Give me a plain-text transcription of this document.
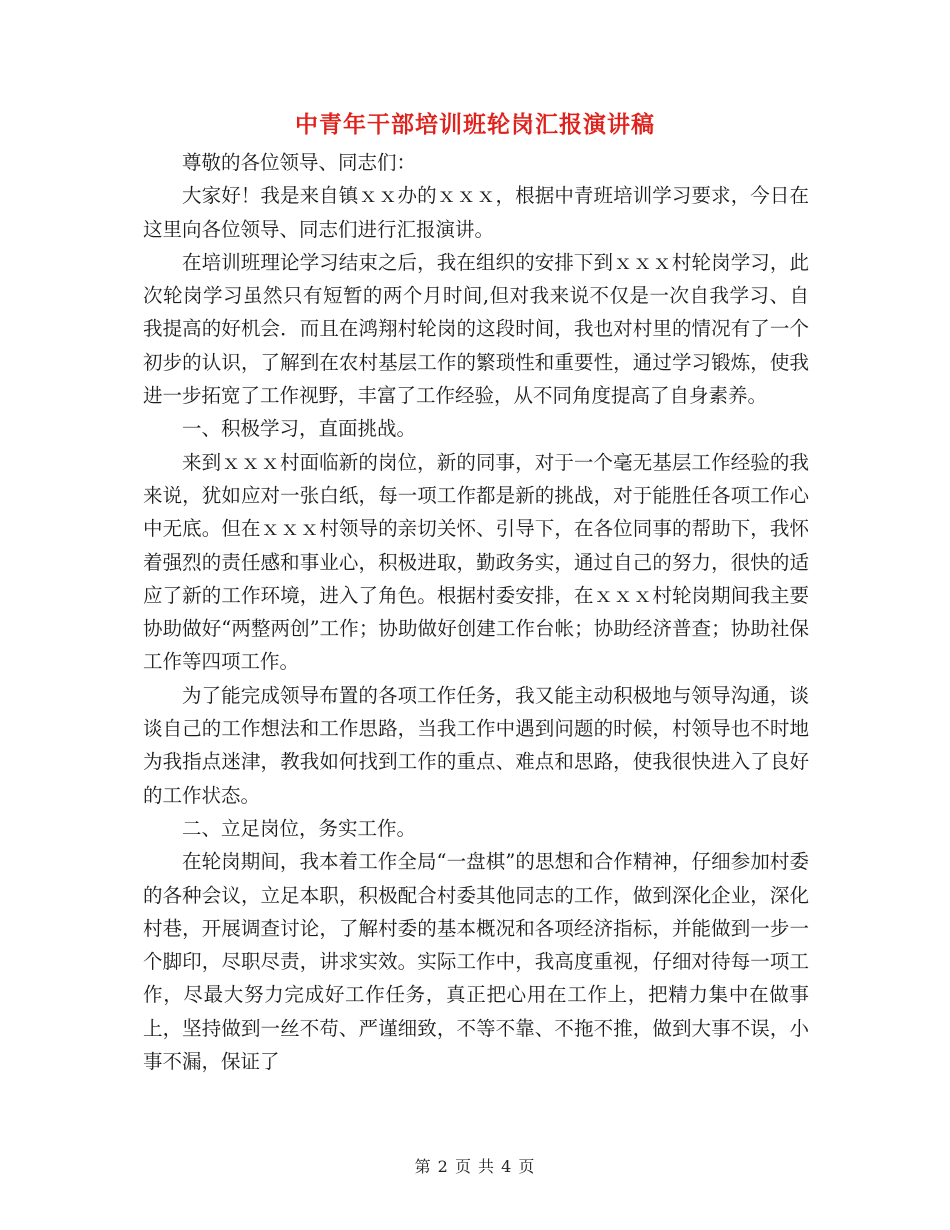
中青年干部培训班轮岗汇报演讲稿

尊敬的各位领导、同志们：

大家好！我是来自镇ｘｘ办的ｘｘｘ，根据中青班培训学习要求，今日在这里向各位领导、同志们进行汇报演讲。

在培训班理论学习结束之后，我在组织的安排下到ｘｘｘ村轮岗学习，此次轮岗学习虽然只有短暂的两个月时间,但对我来说不仅是一次自我学习、自我提高的好机会．而且在鸿翔村轮岗的这段时间，我也对村里的情况有了一个初步的认识，了解到在农村基层工作的繁琐性和重要性，通过学习锻炼，使我进一步拓宽了工作视野，丰富了工作经验，从不同角度提高了自身素养。

一、积极学习，直面挑战。

来到ｘｘｘ村面临新的岗位，新的同事，对于一个毫无基层工作经验的我来说，犹如应对一张白纸，每一项工作都是新的挑战，对于能胜任各项工作心中无底。但在ｘｘｘ村领导的亲切关怀、引导下，在各位同事的帮助下，我怀着强烈的责任感和事业心，积极进取，勤政务实，通过自己的努力，很快的适应了新的工作环境，进入了角色。根据村委安排，在ｘｘｘ村轮岗期间我主要协助做好“两整两创”工作；协助做好创建工作台帐；协助经济普查；协助社保工作等四项工作。

为了能完成领导布置的各项工作任务，我又能主动积极地与领导沟通，谈谈自己的工作想法和工作思路，当我工作中遇到问题的时候，村领导也不时地为我指点迷津，教我如何找到工作的重点、难点和思路，使我很快进入了良好的工作状态。

二、立足岗位，务实工作。

在轮岗期间，我本着工作全局“一盘棋”的思想和合作精神，仔细参加村委的各种会议，立足本职，积极配合村委其他同志的工作，做到深化企业，深化村巷，开展调查讨论，了解村委的基本概况和各项经济指标，并能做到一步一个脚印，尽职尽责，讲求实效。实际工作中，我高度重视，仔细对待每一项工作，尽最大努力完成好工作任务，真正把心用在工作上，把精力集中在做事上，坚持做到一丝不苟、严谨细致，不等不靠、不拖不推，做到大事不误，小事不漏，保证了

第 2 页 共 4 页
